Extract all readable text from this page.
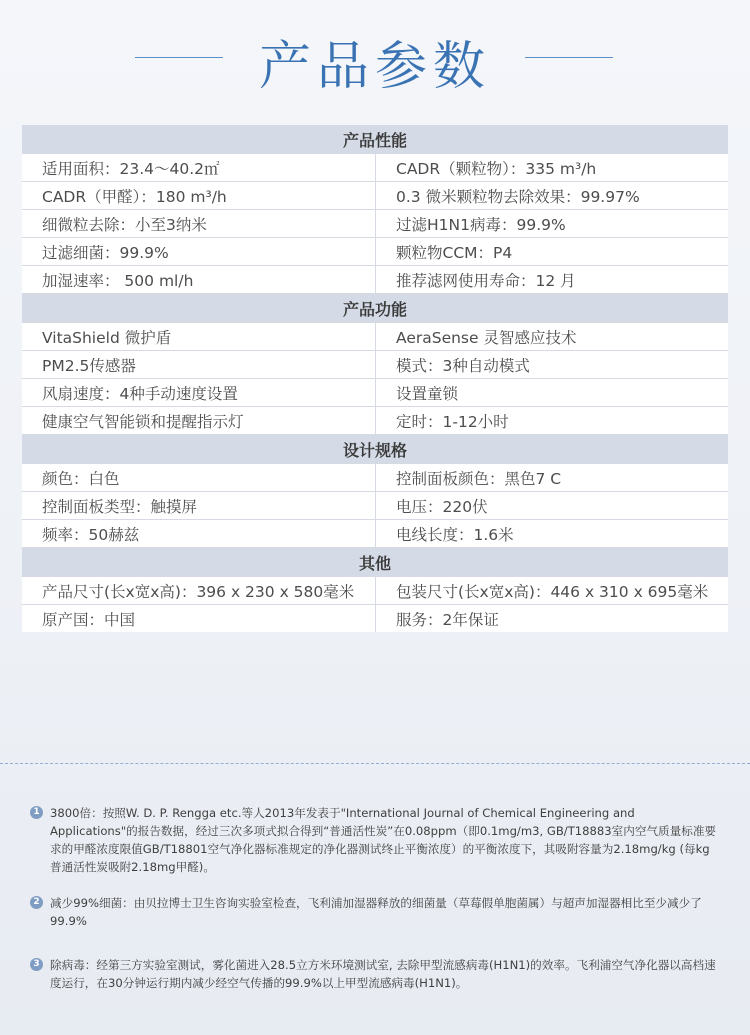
产品参数
产品性能	
适用面积：23.4～40.2㎡	CADR（颗粒物）：335 m³/h
CADR（甲醛）：180 m³/h	0.3 微米颗粒物去除效果：99.97%
细微粒去除：小至3纳米	过滤H1N1病毒：99.9%
过滤细菌：99.9%	颗粒物CCM：P4
加湿速率： 500 ml/h	推荐滤网使用寿命：12 月
产品功能	
VitaShield 微护盾	AeraSense 灵智感应技术
PM2.5传感器	模式：3种自动模式
风扇速度：4种手动速度设置	设置童锁
健康空气智能锁和提醒指示灯	定时：1-12小时
设计规格	
颜色：白色	控制面板颜色：黑色7 C
控制面板类型：触摸屏	电压：220伏
频率：50赫兹	电线长度：1.6米
其他	
产品尺寸(长x宽x高)：396 x 230 x 580毫米	包装尺寸(长x宽x高)：446 x 310 x 695毫米
原产国：中国	服务：2年保证
1 3800倍：按照W. D. P. Rengga etc.等人2013年发表于"International Journal of Chemical Engineering and Applications"的报告数据，经过三次多项式拟合得到“普通活性炭”在0.08ppm（即0.1mg/m3, GB/T18883室内空气质量标准要求的甲醛浓度限值GB/T18801空气净化器标准规定的净化器测试终止平衡浓度）的平衡浓度下，其吸附容量为2.18mg/kg (每kg普通活性炭吸附2.18mg甲醛)。
2 减少99%细菌：由贝拉博士卫生咨询实验室检查，飞利浦加湿器释放的细菌量（草莓假单胞菌属）与超声加湿器相比至少减少了99.9%
3 除病毒：经第三方实验室测试，雾化菌进入28.5立方米环境测试室, 去除甲型流感病毒(H1N1)的效率。飞利浦空气净化器以高档速度运行，在30分钟运行期内减少经空气传播的99.9%以上甲型流感病毒(H1N1)。
